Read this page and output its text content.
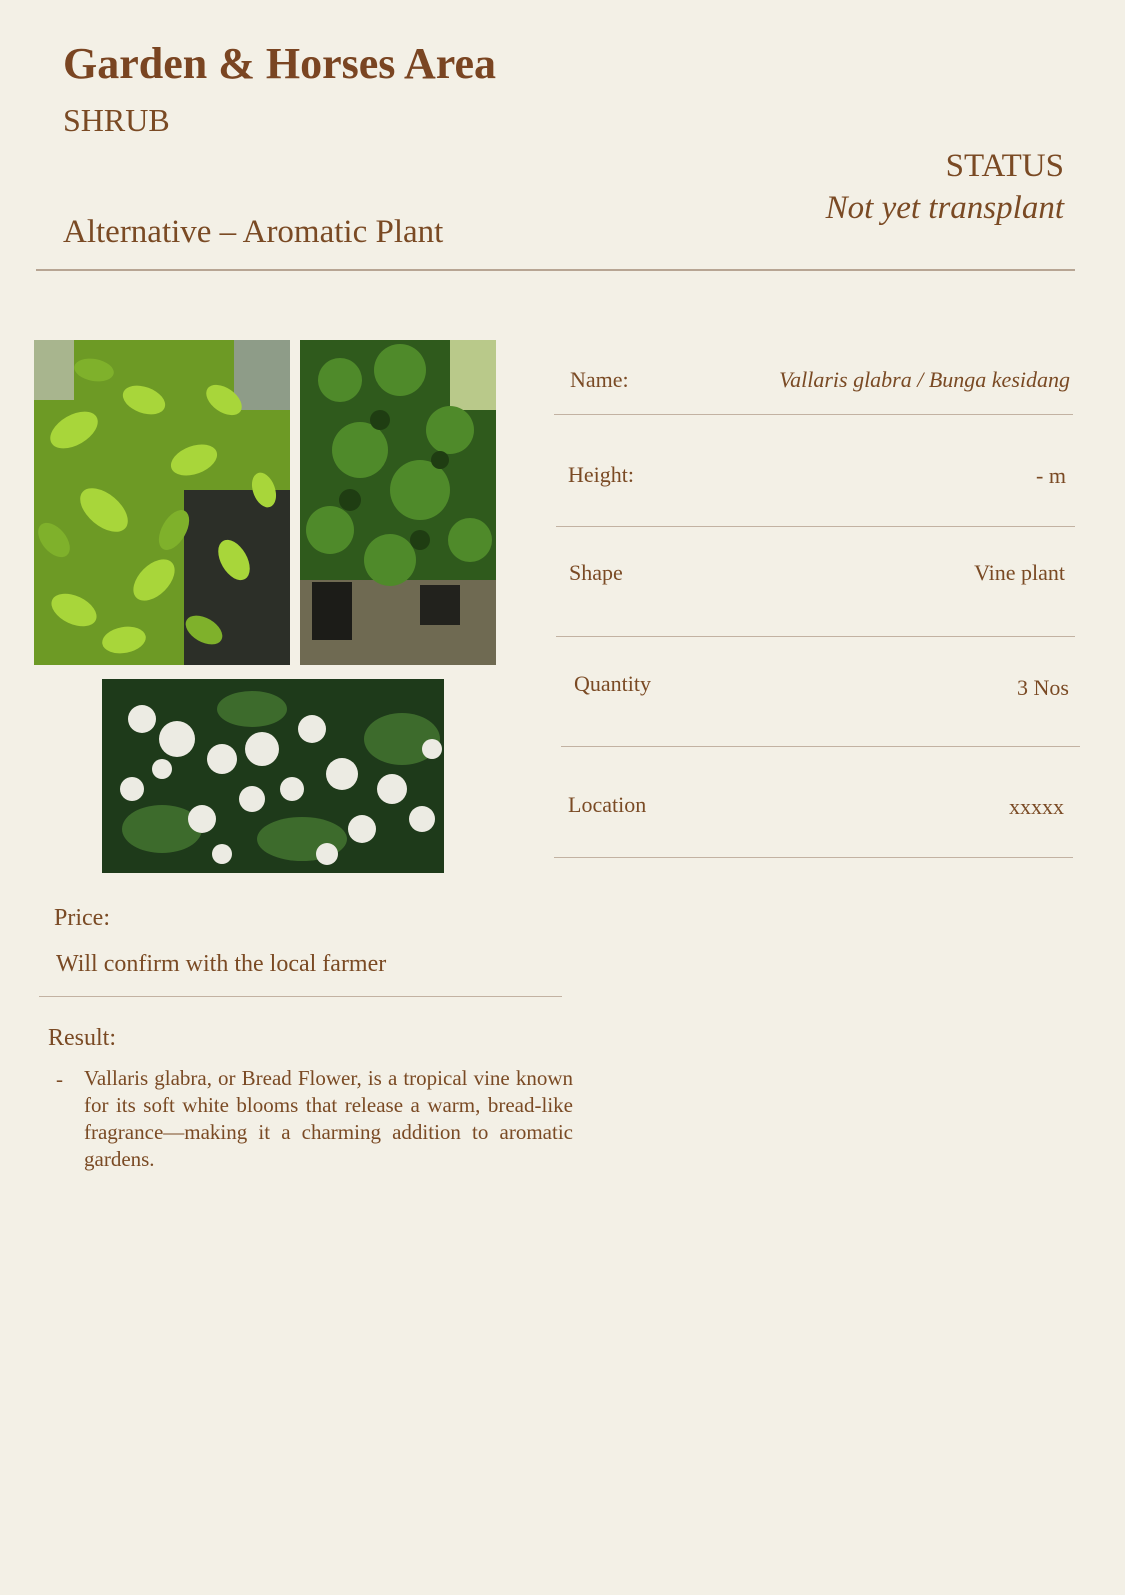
Garden & Horses Area
SHRUB
STATUS
Not yet transplant
Alternative – Aromatic Plant
Name:	Vallaris glabra / Bunga kesidang
Height:	- m
Shape	Vine plant
Quantity	3 Nos
Location	xxxxx
Price:
Will confirm with the local farmer
Result:
- Vallaris glabra, or Bread Flower, is a tropical vine known for its soft white blooms that release a warm, bread-like fragrance—making it a charming addition to aromatic gardens.
